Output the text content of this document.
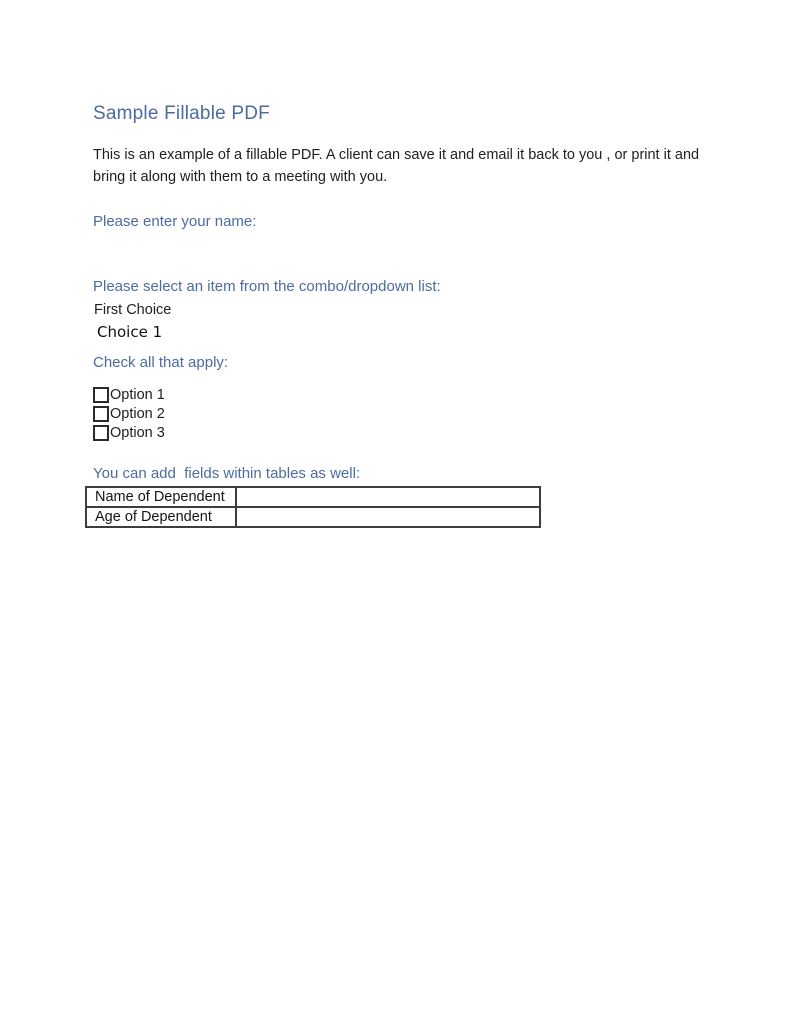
Sample Fillable PDF
This is an example of a fillable PDF. A client can save it and email it back to you , or print it and
bring it along with them to a meeting with you.
Please enter your name:
Please select an item from the combo/dropdown list:
First Choice
Choice 1
Check all that apply:
Option 1
Option 2
Option 3
You can add  fields within tables as well:
Name of Dependent
Age of Dependent
